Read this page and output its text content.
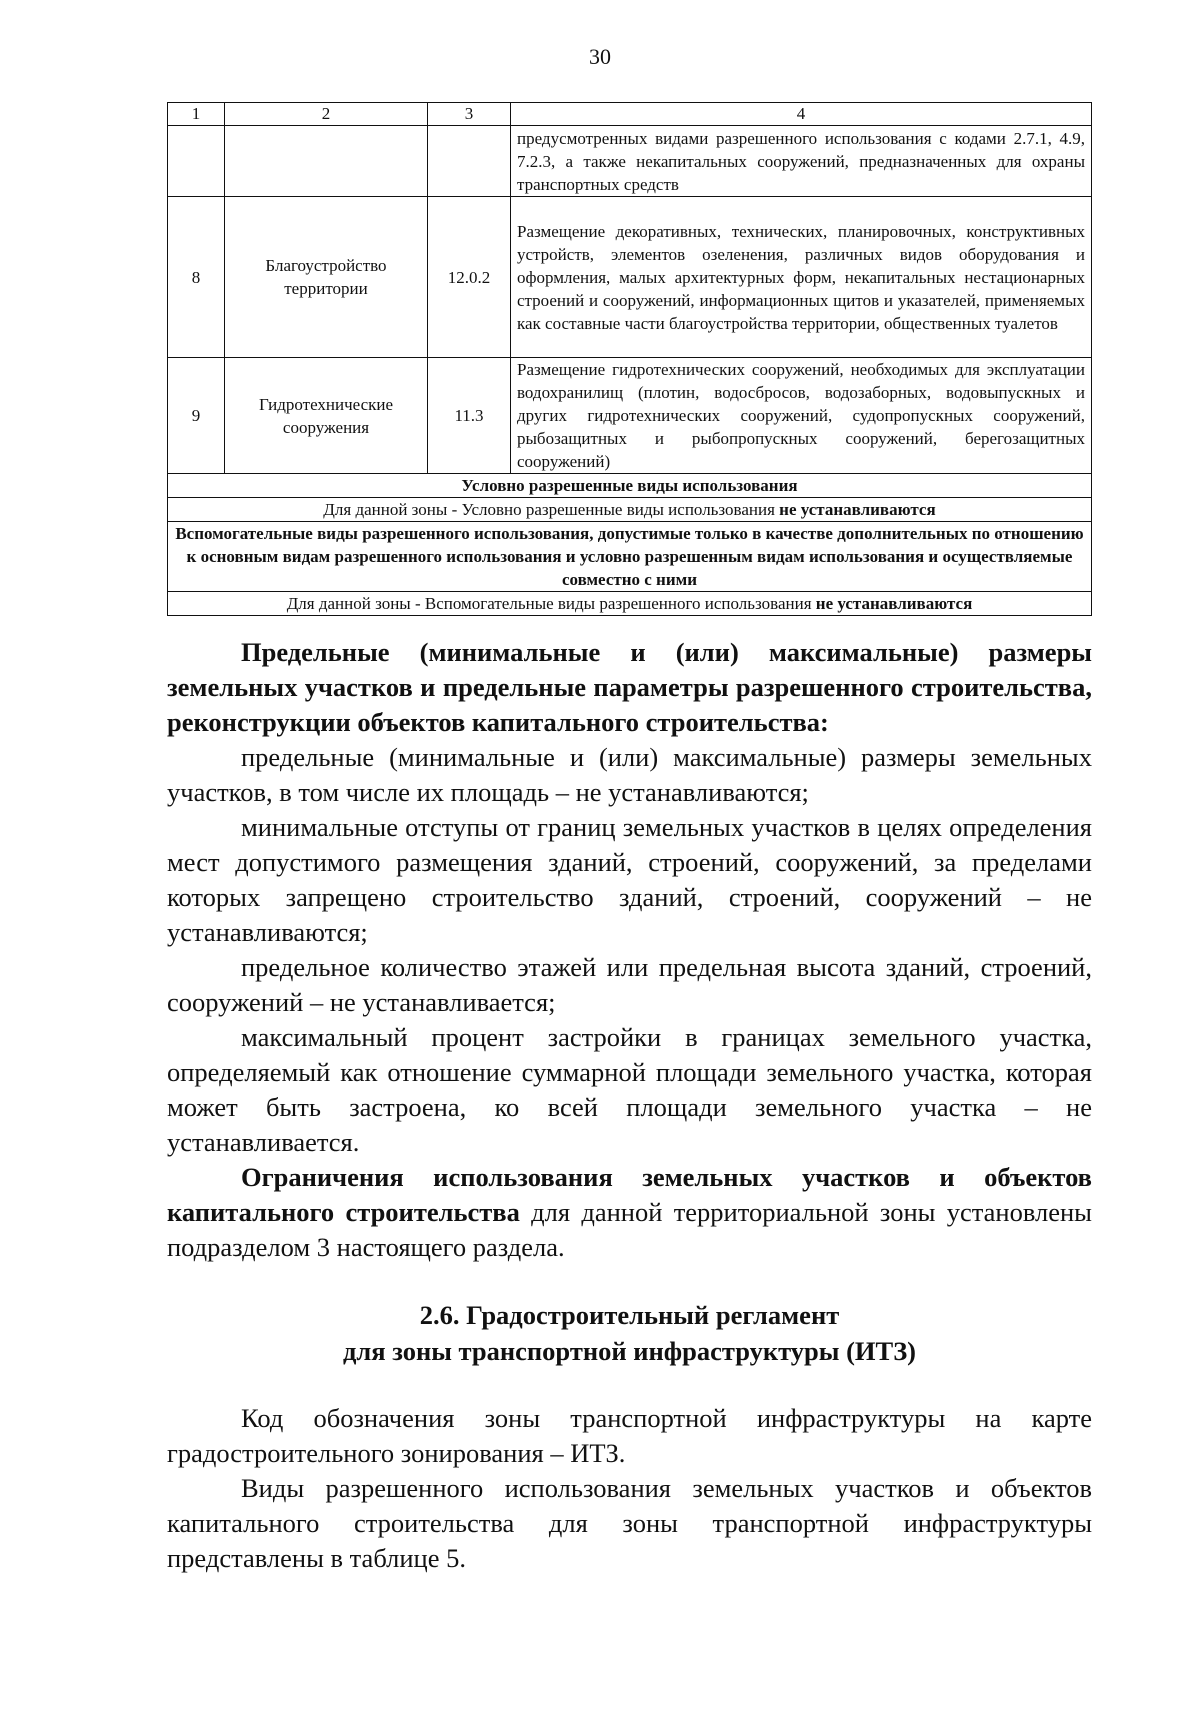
30
1	2	3	4
			предусмотренных видами разрешенного использования с кодами 2.7.1, 4.9, 7.2.3, а также некапитальных сооружений, предназначенных для охраны транспортных средств
8	Благоустройство территории	12.0.2	Размещение декоративных, технических, планировочных, конструктивных устройств, элементов озеленения, различных видов оборудования и оформления, малых архитектурных форм, некапитальных нестационарных строений и сооружений, информационных щитов и указателей, применяемых как составные части благоустройства территории, общественных туалетов
9	Гидротехнические сооружения	11.3	Размещение гидротехнических сооружений, необходимых для эксплуатации водохранилищ (плотин, водосбросов, водозаборных, водовыпускных и других гидротехнических сооружений, судопропускных сооружений, рыбозащитных и рыбопропускных сооружений, берегозащитных сооружений)
Условно разрешенные виды использования			
Для данной зоны - Условно разрешенные виды использования не устанавливаются			
Вспомогательные виды разрешенного использования, допустимые только в качестве дополнительных по отношению к основным видам разрешенного использования и условно разрешенным видам использования и осуществляемые совместно с ними			
Для данной зоны - Вспомогательные виды разрешенного использования не устанавливаются			

Предельные (минимальные и (или) максимальные) размеры земельных участков и предельные параметры разрешенного строительства, реконструкции объектов капитального строительства:

предельные (минимальные и (или) максимальные) размеры земельных участков, в том числе их площадь – не устанавливаются;

минимальные отступы от границ земельных участков в целях определения мест допустимого размещения зданий, строений, сооружений, за пределами которых запрещено строительство зданий, строений, сооружений – не устанавливаются;

предельное количество этажей или предельная высота зданий, строений, сооружений – не устанавливается;

максимальный процент застройки в границах земельного участка, определяемый как отношение суммарной площади земельного участка, которая может быть застроена, ко всей площади земельного участка – не устанавливается.

Ограничения использования земельных участков и объектов капитального строительства для данной территориальной зоны установлены подразделом 3 настоящего раздела.

2.6. Градостроительный регламент
для зоны транспортной инфраструктуры (ИТЗ)

Код обозначения зоны транспортной инфраструктуры на карте градостроительного зонирования – ИТЗ.

Виды разрешенного использования земельных участков и объектов капитального строительства для зоны транспортной инфраструктуры представлены в таблице 5.
